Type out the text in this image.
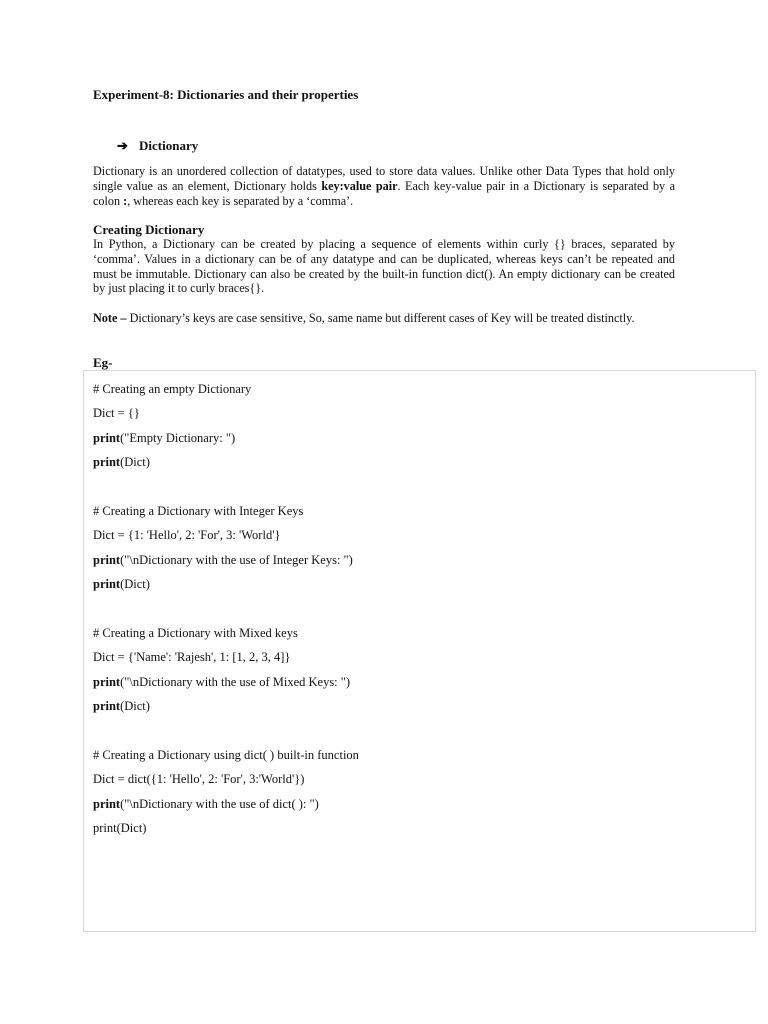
Experiment-8: Dictionaries and their properties
➔ Dictionary
Dictionary is an unordered collection of datatypes, used to store data values. Unlike other Data Types that hold only single value as an element, Dictionary holds key:value pair. Each key-value pair in a Dictionary is separated by a colon :, whereas each key is separated by a ‘comma’.
Creating Dictionary
In Python, a Dictionary can be created by placing a sequence of elements within curly {} braces, separated by ‘comma’. Values in a dictionary can be of any datatype and can be duplicated, whereas keys can’t be repeated and must be immutable. Dictionary can also be created by the built-in function dict(). An empty dictionary can be created by just placing it to curly braces{}.
Note – Dictionary’s keys are case sensitive, So, same name but different cases of Key will be treated distinctly.
Eg-
# Creating an empty Dictionary
Dict = {}
print("Empty Dictionary: ")
print(Dict)
# Creating a Dictionary with Integer Keys
Dict = {1: 'Hello', 2: 'For', 3: 'World'}
print("\nDictionary with the use of Integer Keys: ")
print(Dict)
# Creating a Dictionary with Mixed keys
Dict = {'Name': 'Rajesh', 1: [1, 2, 3, 4]}
print("\nDictionary with the use of Mixed Keys: ")
print(Dict)
# Creating a Dictionary using dict( ) built-in function
Dict = dict({1: 'Hello', 2: 'For', 3:'World'})
print("\nDictionary with the use of dict( ): ")
print(Dict)
